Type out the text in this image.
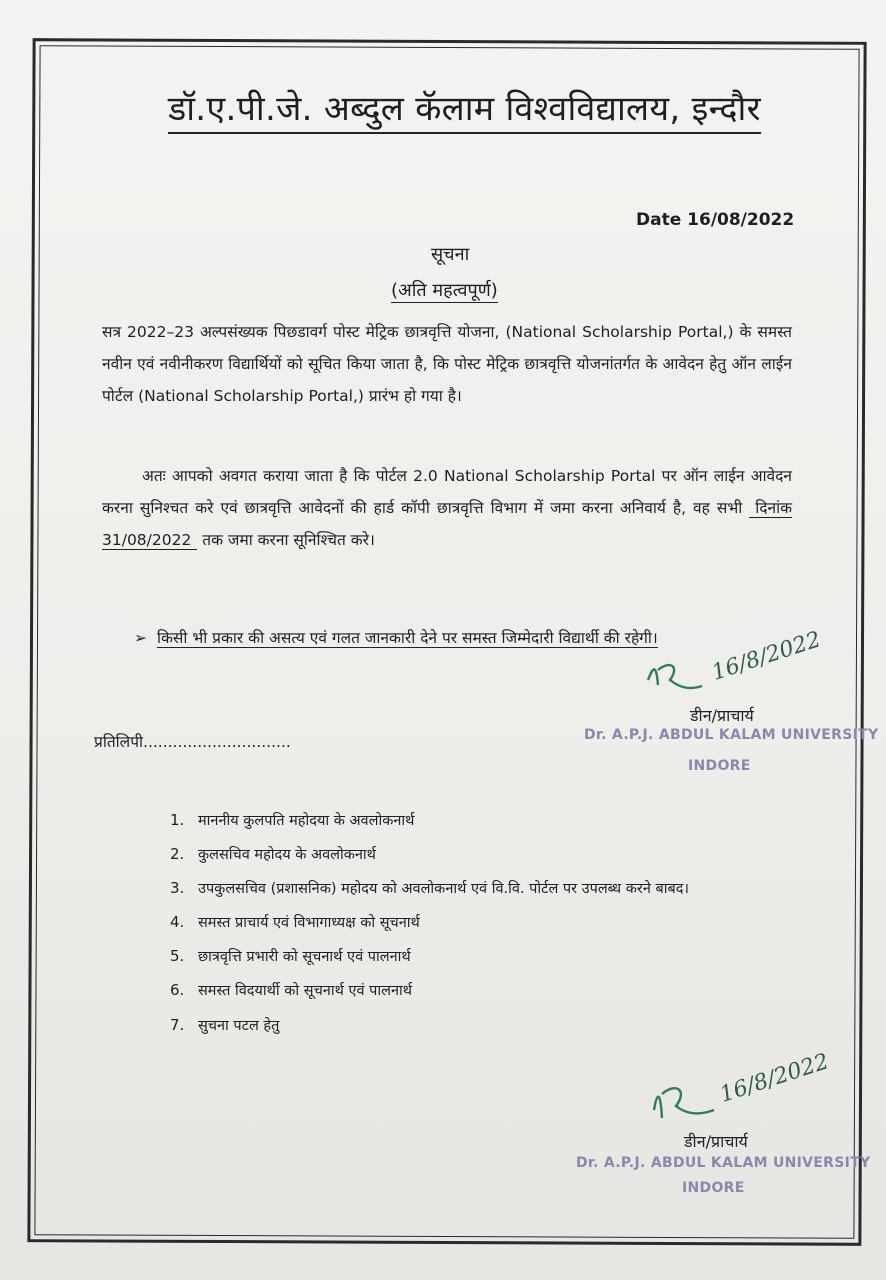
डॉ.ए.पी.जे. अब्दुल कॅलाम विश्वविद्यालय, इन्दौर
Date 16/08/2022
सूचना
(अति महत्वपूर्ण)
सत्र 2022–23 अल्पसंख्यक पिछडावर्ग पोस्ट मेट्रिक छात्रवृत्ति योजना, (National Scholarship Portal,) के समस्त नवीन एवं नवीनीकरण विद्यार्थियों को सूचित किया जाता है, कि पोस्ट मेट्रिक छात्रवृत्ति योजनांतर्गत के आवेदन हेतु ऑन लाईन पोर्टल (National Scholarship Portal,) प्रारंभ हो गया है।
अतः आपको अवगत कराया जाता है कि पोर्टल 2.0 National Scholarship Portal पर ऑन लाईन आवेदन करना सुनिश्चत करे एवं छात्रवृत्ति आवेदनों की हार्ड कॉपी छात्रवृत्ति विभाग में जमा करना अनिवार्य है, वह सभी दिनांक 31/08/2022 तक जमा करना सूनिश्चित करे।
➢ किसी भी प्रकार की असत्य एवं गलत जानकारी देने पर समस्त जिम्मेदारी विद्यार्थी की रहेगी। 16/8/2022
डीन/प्राचार्य
Dr. A.P.J. ABDUL KALAM UNIVERSITY
INDORE
प्रतिलिपी..............................
1. माननीय कुलपति महोदया के अवलोकनार्थ
2. कुलसचिव महोदय के अवलोकनार्थ
3. उपकुलसचिव (प्रशासनिक) महोदय को अवलोकनार्थ एवं वि.वि. पोर्टल पर उपलब्ध करने बाबद।
4. समस्त प्राचार्य एवं विभागाध्यक्ष को सूचनार्थ
5. छात्रवृत्ति प्रभारी को सूचनार्थ एवं पालनार्थ
6. समस्त विदयार्थी को सूचनार्थ एवं पालनार्थ
7. सुचना पटल हेतु
16/8/2022
डीन/प्राचार्य
Dr. A.P.J. ABDUL KALAM UNIVERSITY
INDORE
